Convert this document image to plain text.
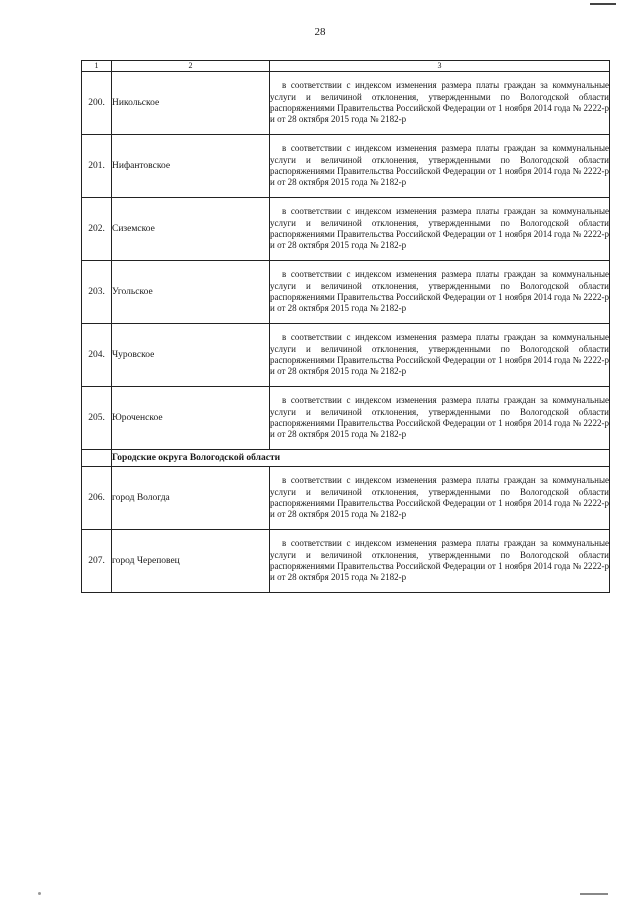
28
1	2	3
200.	Никольское	в соответствии с индексом изменения размера платы граждан за коммунальные услуги и величиной отклонения, утвержденными по Вологодской области распоряжениями Правительства Российской Федерации от 1 ноября 2014 года № 2222-р и от 28 октября 2015 года № 2182-р

201.	Нифантовское	в соответствии с индексом изменения размера платы граждан за коммунальные услуги и величиной отклонения, утвержденными по Вологодской области распоряжениями Правительства Российской Федерации от 1 ноября 2014 года № 2222-р и от 28 октября 2015 года № 2182-р

202.	Сиземское	в соответствии с индексом изменения размера платы граждан за коммунальные услуги и величиной отклонения, утвержденными по Вологодской области распоряжениями Правительства Российской Федерации от 1 ноября 2014 года № 2222-р и от 28 октября 2015 года № 2182-р

203.	Угольское	в соответствии с индексом изменения размера платы граждан за коммунальные услуги и величиной отклонения, утвержденными по Вологодской области распоряжениями Правительства Российской Федерации от 1 ноября 2014 года № 2222-р и от 28 октября 2015 года № 2182-р

204.	Чуровское	в соответствии с индексом изменения размера платы граждан за коммунальные услуги и величиной отклонения, утвержденными по Вологодской области распоряжениями Правительства Российской Федерации от 1 ноября 2014 года № 2222-р и от 28 октября 2015 года № 2182-р

205.	Юроченское	в соответствии с индексом изменения размера платы граждан за коммунальные услуги и величиной отклонения, утвержденными по Вологодской области распоряжениями Правительства Российской Федерации от 1 ноября 2014 года № 2222-р и от 28 октября 2015 года № 2182-р

	Городские округа Вологодской области	
206.	город Вологда	в соответствии с индексом изменения размера платы граждан за коммунальные услуги и величиной отклонения, утвержденными по Вологодской области распоряжениями Правительства Российской Федерации от 1 ноября 2014 года № 2222-р и от 28 октября 2015 года № 2182-р

207.	город Череповец	в соответствии с индексом изменения размера платы граждан за коммунальные услуги и величиной отклонения, утвержденными по Вологодской области распоряжениями Правительства Российской Федерации от 1 ноября 2014 года № 2222-р и от 28 октября 2015 года № 2182-р
